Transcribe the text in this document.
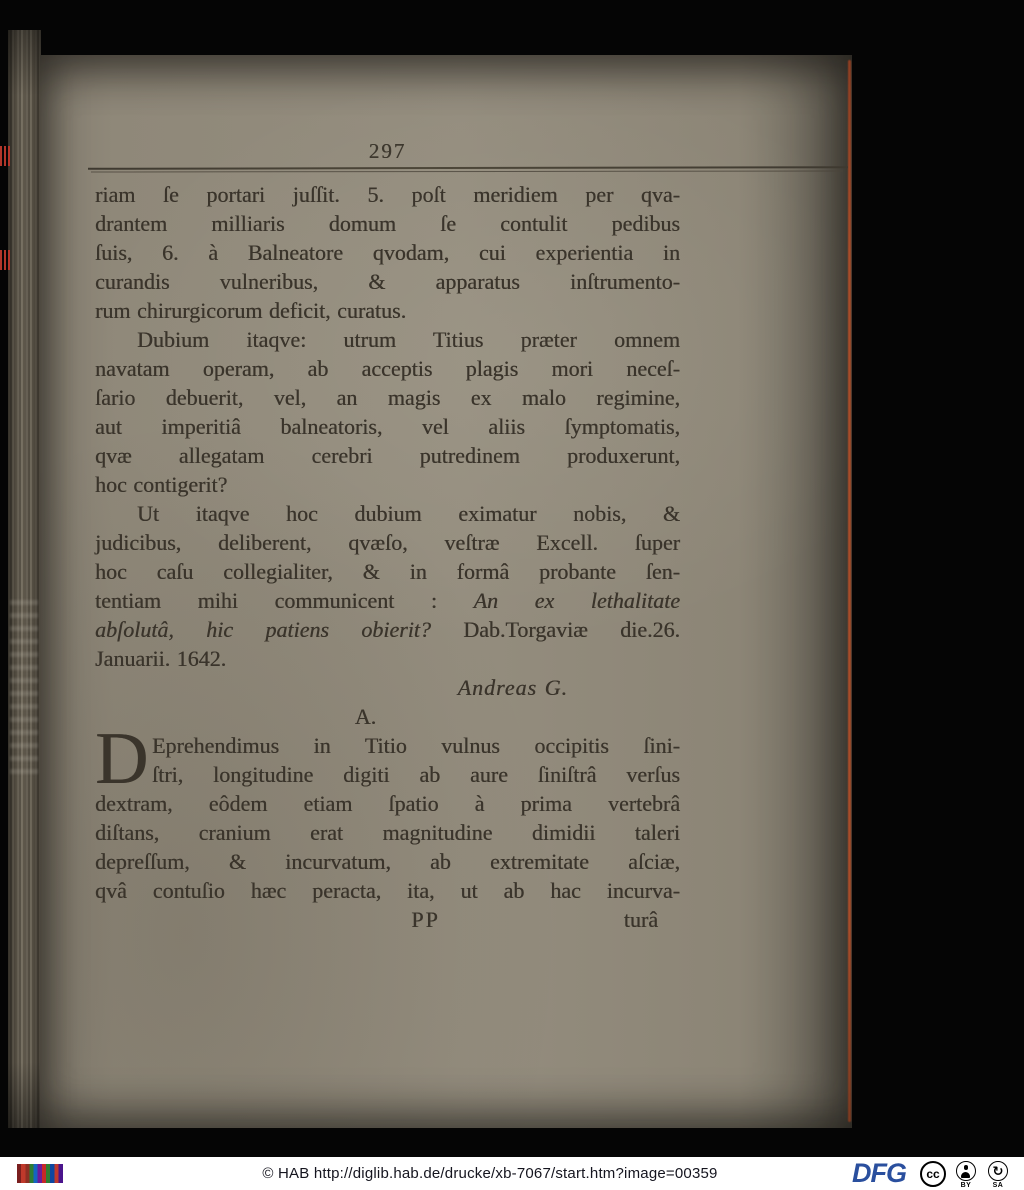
297
riam ſe portari juſſit. 5. poſt meridiem per qva-
drantem milliaris domum ſe contulit pedibus
ſuis, 6. à Balneatore qvodam, cui experientia in
curandis vulneribus, & apparatus inſtrumento-
rum chirurgicorum deficit, curatus.
Dubium itaqve: utrum Titius præter omnem
navatam operam, ab acceptis plagis mori neceſ-
ſario debuerit, vel, an magis ex malo regimine,
aut imperitiâ balneatoris, vel aliis ſymptomatis,
qvæ allegatam cerebri putredinem produxerunt,
hoc contigerit?
Ut itaqve hoc dubium eximatur nobis, &
judicibus, deliberent, qvæſo, veſtræ Excell. ſuper
hoc caſu collegialiter, & in formâ probante ſen-
tentiam mihi communicent : An ex lethalitate
abſolutâ, hic patiens obierit? Dab.Torgaviæ die.26.
Januarii. 1642.
Andreas G.
A.
D Eprehendimus in Titio vulnus occipitis ſini-
ſtri, longitudine digiti ab aure ſiniſtrâ verſus
dextram, eôdem etiam ſpatio à prima vertebrâ
diſtans, cranium erat magnitudine dimidii taleri
depreſſum, & incurvatum, ab extremitate aſciæ,
qvâ contuſio hæc peracta, ita, ut ab hac incurva-
PP	turâ
© HAB http://diglib.hab.de/drucke/xb-7067/start.htm?image=00359	DFG	cc
BY
↻
SA
